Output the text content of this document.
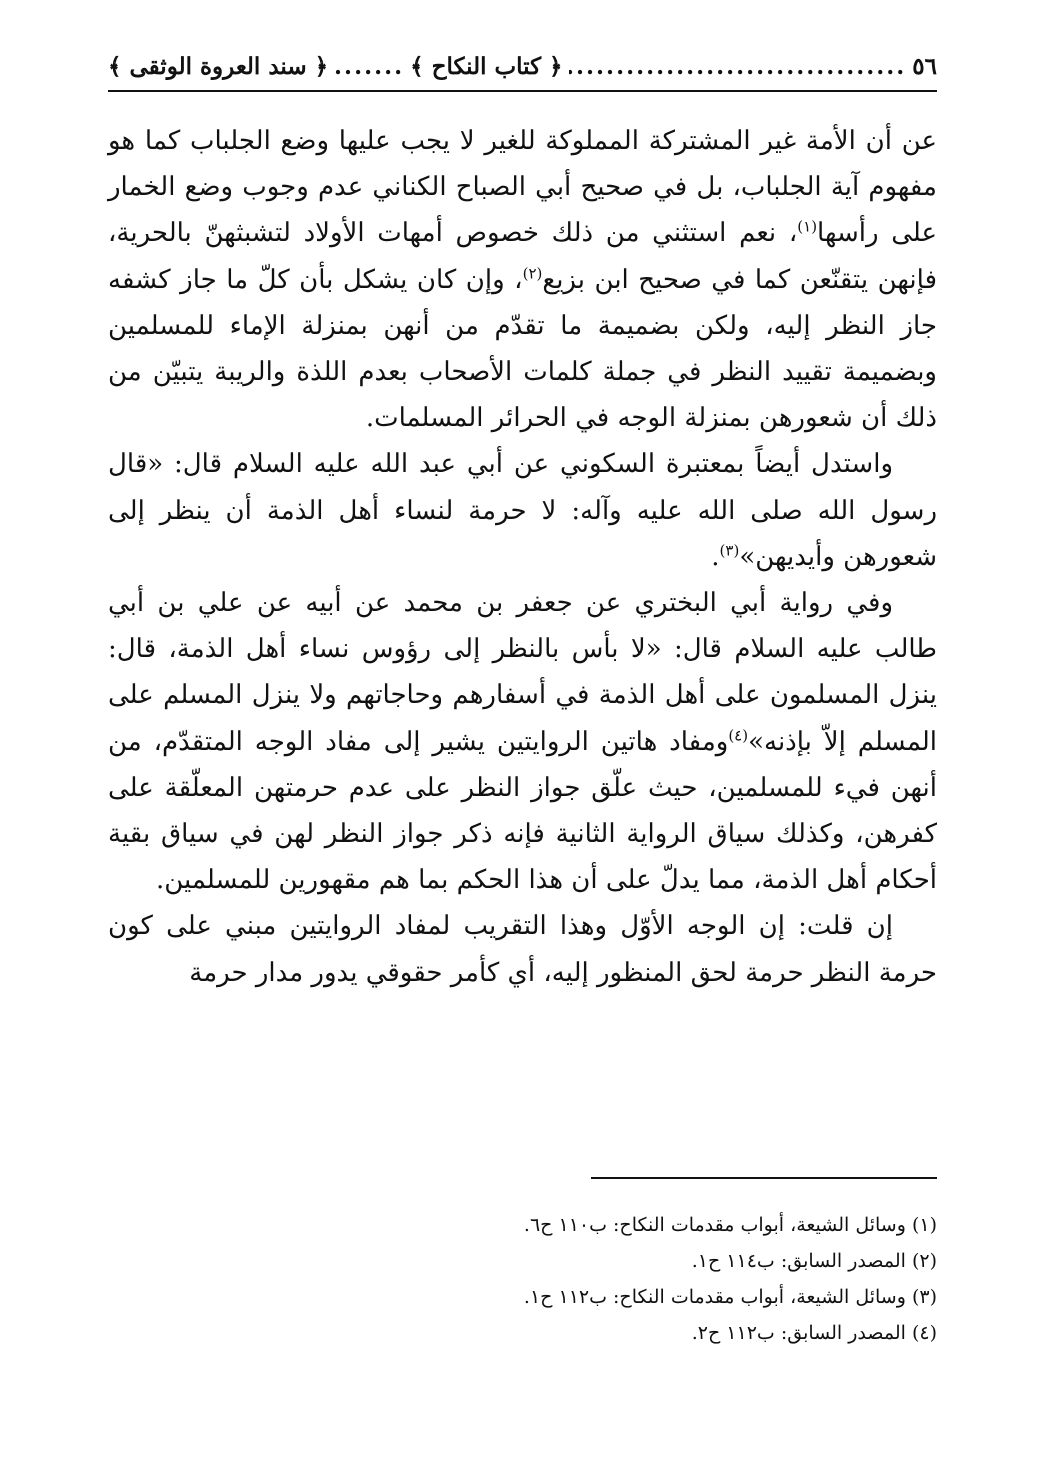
٥٦
.....
﴿ كتاب النكاح ﴾
.....
﴿ سند العروة الوثقى ﴾

عن أن الأمة غير المشتركة المملوكة للغير لا يجب عليها وضع الجلباب كما هو مفهوم آية الجلباب، بل في صحيح أبي الصباح الكناني عدم وجوب وضع الخمار على رأسها$^{(١)}$، نعم استثني من ذلك خصوص أمهات الأولاد لتشبثهنّ بالحرية، فإنهن يتقنّعن كما في صحيح ابن بزيع$^{(٢)}$، وإن كان يشكل بأن كلّ ما جاز كشفه جاز النظر إليه، ولكن بضميمة ما تقدّم من أنهن بمنزلة الإماء للمسلمين وبضميمة تقييد النظر في جملة كلمات الأصحاب بعدم اللذة والريبة يتبيّن من ذلك أن شعورهن بمنزلة الوجه في الحرائر المسلمات.

واستدل أيضاً بمعتبرة السكوني عن أبي عبد الله عليه السلام قال: «قال رسول الله صلى الله عليه وآله: لا حرمة لنساء أهل الذمة أن ينظر إلى شعورهن وأيديهن»$^{(٣)}$.

وفي رواية أبي البختري عن جعفر بن محمد عن أبيه عن علي بن أبي طالب عليه السلام قال: «لا بأس بالنظر إلى رؤوس نساء أهل الذمة، قال: ينزل المسلمون على أهل الذمة في أسفارهم وحاجاتهم ولا ينزل المسلم على المسلم إلاّ بإذنه»$^{(٤)}$ومفاد هاتين الروايتين يشير إلى مفاد الوجه المتقدّم، من أنهن فيء للمسلمين، حيث علّق جواز النظر على عدم حرمتهن المعلّقة على كفرهن، وكذلك سياق الرواية الثانية فإنه ذكر جواز النظر لهن في سياق بقية أحكام أهل الذمة، مما يدلّ على أن هذا الحكم بما هم مقهورين للمسلمين.

إن قلت: إن الوجه الأوّل وهذا التقريب لمفاد الروايتين مبني على كون حرمة النظر حرمة لحق المنظور إليه، أي كأمر حقوقي يدور مدار حرمة

(١) وسائل الشيعة، أبواب مقدمات النكاح: ب١١٠ ح٦.
(٢) المصدر السابق: ب١١٤ ح١.
(٣) وسائل الشيعة، أبواب مقدمات النكاح: ب١١٢ ح١.
(٤) المصدر السابق: ب١١٢ ح٢.
